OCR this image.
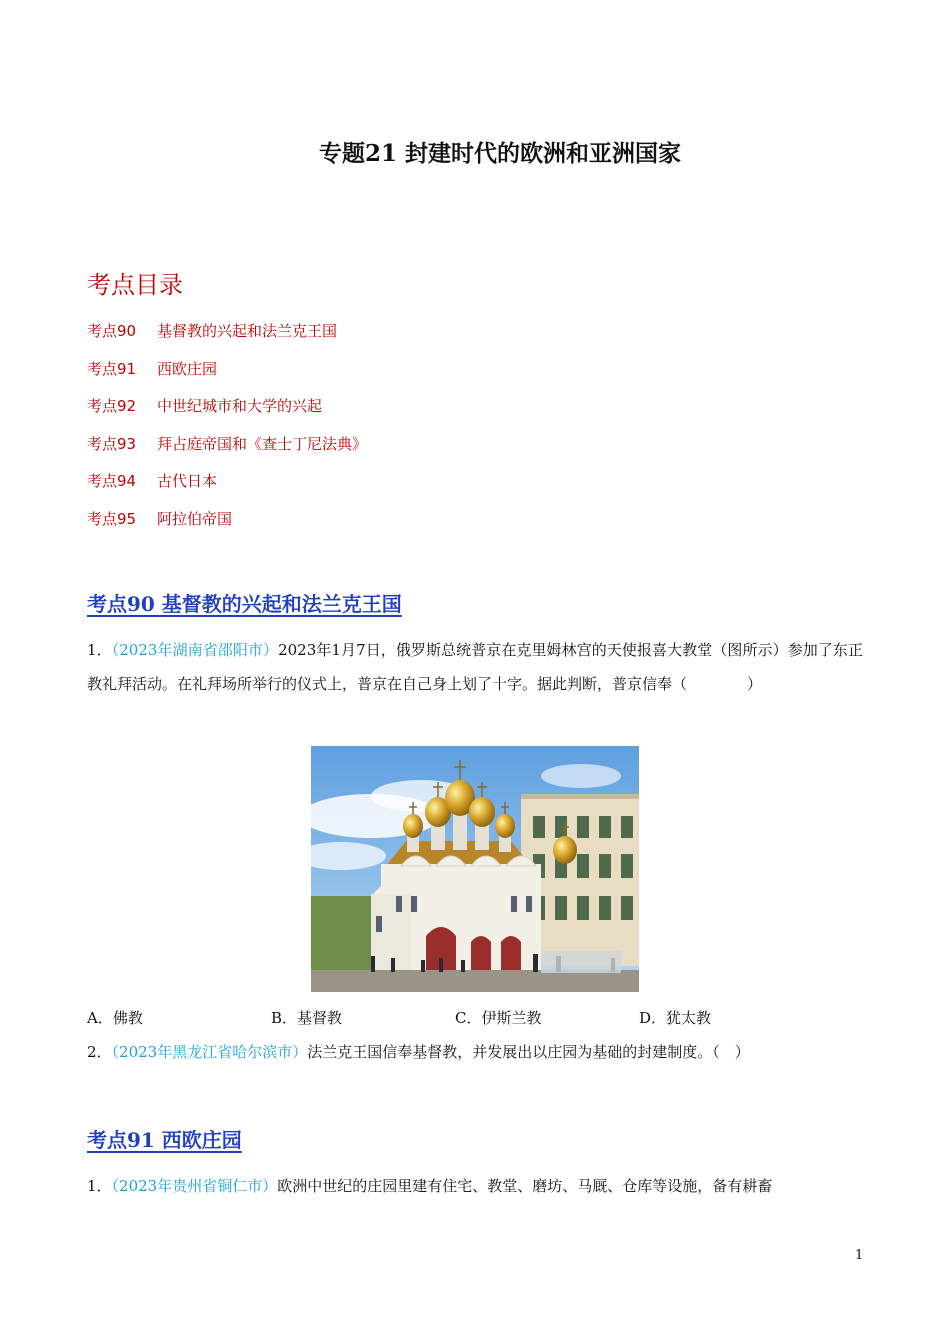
专题21 封建时代的欧洲和亚洲国家
考点目录
考点90 基督教的兴起和法兰克王国
考点91 西欧庄园
考点92 中世纪城市和大学的兴起
考点93 拜占庭帝国和《查士丁尼法典》
考点94 古代日本
考点95 阿拉伯帝国
考点90 基督教的兴起和法兰克王国
1．（2023年湖南省邵阳市）2023年1月7日，俄罗斯总统普京在克里姆林宫的天使报喜大教堂（图所示）参加了东正教礼拜活动。在礼拜场所举行的仪式上，普京在自己身上划了十字。据此判断，普京信奉（　　　　）
A．佛教	B．基督教	C．伊斯兰教	D．犹太教
2．（2023年黑龙江省哈尔滨市）法兰克王国信奉基督教，并发展出以庄园为基础的封建制度。（　）
考点91 西欧庄园
1．（2023年贵州省铜仁市）欧洲中世纪的庄园里建有住宅、教堂、磨坊、马厩、仓库等设施，备有耕畜
1
